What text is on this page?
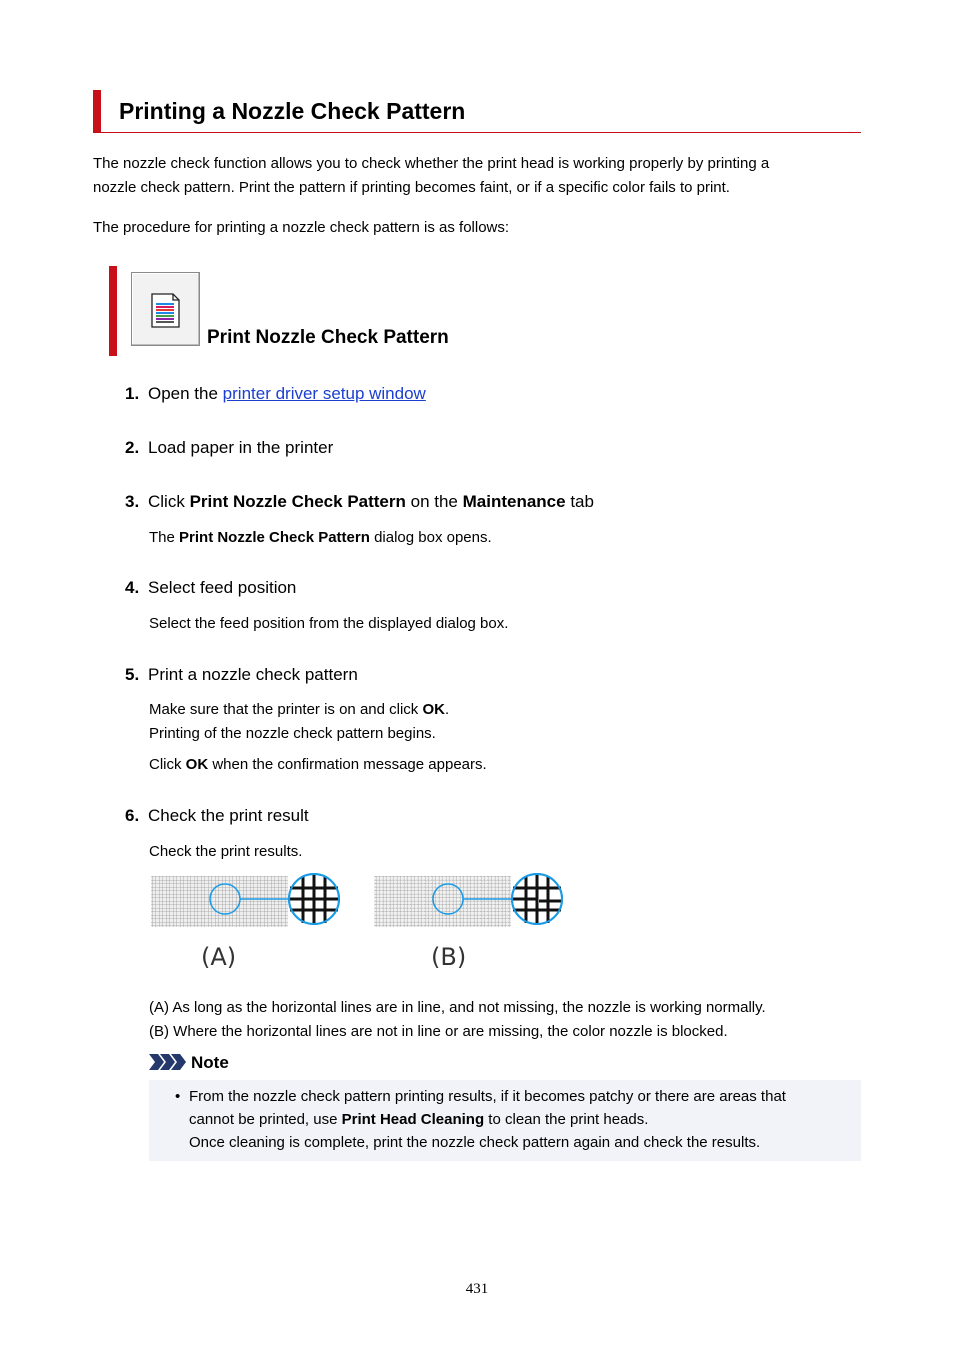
Printing a Nozzle Check Pattern
The nozzle check function allows you to check whether the print head is working properly by printing a
nozzle check pattern. Print the pattern if printing becomes faint, or if a specific color fails to print.
The procedure for printing a nozzle check pattern is as follows:
Print Nozzle Check Pattern
1. Open the printer driver setup window
2. Load paper in the printer
3. Click Print Nozzle Check Pattern on the Maintenance tab
The Print Nozzle Check Pattern dialog box opens.
4. Select feed position
Select the feed position from the displayed dialog box.
5. Print a nozzle check pattern
Make sure that the printer is on and click OK.
Printing of the nozzle check pattern begins.
Click OK when the confirmation message appears.
6. Check the print result
Check the print results.
(A)	(B)
(A) As long as the horizontal lines are in line, and not missing, the nozzle is working normally.
(B) Where the horizontal lines are not in line or are missing, the color nozzle is blocked.
Note
• From the nozzle check pattern printing results, if it becomes patchy or there are areas that
cannot be printed, use Print Head Cleaning to clean the print heads.
Once cleaning is complete, print the nozzle check pattern again and check the results.
431
